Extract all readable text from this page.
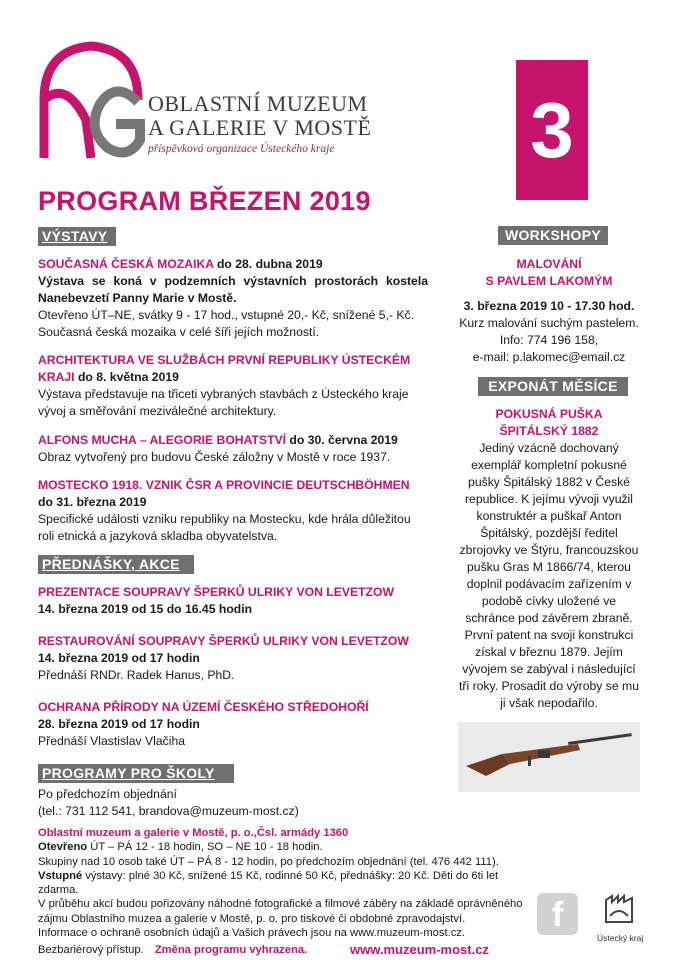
OBLASTNÍ MUZEUM
A GALERIE V MOSTĚ
příspěvková organizace Ústeckého kraje	3
PROGRAM BŘEZEN 2019
VÝSTAVY
SOUČASNÁ ČESKÁ MOZAIKA do 28. dubna 2019
Výstava se koná v podzemních výstavních prostorách kostela Nanebevzetí Panny Marie v Mostě.
Otevřeno ÚT–NE, svátky 9 - 17 hod., vstupné 20,- Kč, snížené 5,- Kč. Současná česká mozaika v celé šíři jejích možností.
ARCHITEKTURA VE SLUŽBÁCH PRVNÍ REPUBLIKY ÚSTECKÉM KRAJI do 8. května 2019
Výstava představuje na třiceti vybraných stavbách z Ústeckého kraje vývoj a směřování meziválečné architektury.
ALFONS MUCHA – ALEGORIE BOHATSTVÍ do 30. června 2019
Obraz vytvořený pro budovu České záložny v Mostě v roce 1937.
MOSTECKO 1918. VZNIK ČSR A PROVINCIE DEUTSCHBÖHMEN
do 31. března 2019
Specifické události vzniku republiky na Mostecku, kde hrála důležitou roli etnická a jazyková skladba obyvatelstva.
PŘEDNÁŠKY, AKCE
PREZENTACE SOUPRAVY ŠPERKŮ ULRIKY VON LEVETZOW
14. března 2019 od 15 do 16.45 hodin
RESTAUROVÁNÍ SOUPRAVY ŠPERKŮ ULRIKY VON LEVETZOW
14. března 2019 od 17 hodin
Přednáší RNDr. Radek Hanus, PhD.
OCHRANA PŘÍRODY NA ÚZEMÍ ČESKÉHO STŘEDOHOŘÍ
28. března 2019 od 17 hodin
Přednáší Vlastislav Vlačiha
PROGRAMY PRO ŠKOLY
Po předchozím objednání
(tel.: 731 112 541, brandova@muzeum-most.cz)
WORKSHOPY
MALOVÁNÍ
S PAVLEM LAKOMÝM
3. března 2019 10 - 17.30 hod.
Kurz malování suchým pastelem.
Info: 774 196 158,
e-mail: p.lakomec@email.cz
EXPONÁT MĚSÍCE
POKUSNÁ PUŠKA
ŠPITÁLSKÝ 1882
Jediný vzácně dochovaný exemplář kompletní pokusné pušky Špitálský 1882 v České republice. K jejímu vývoji využil konstruktér a puškař Anton Špitálský, pozdější ředitel zbrojovky ve Štýru, francouzskou pušku Gras M 1866/74, kterou doplnil podávacím zařízením v podobě cívky uložené ve schránce pod závěrem zbraně. První patent na svoji konstrukci získal v březnu 1879. Jejím vývojem se zabýval i následující tři roky. Prosadit do výroby se mu ji však nepodařilo.
Oblastní muzeum a galerie v Mostě, p. o.,Čsl. armády 1360
Otevřeno ÚT – PÁ 12 - 18 hodin, SO – NE 10 - 18 hodin.
Skupiny nad 10 osob také ÚT – PÁ 8 - 12 hodin, po předchozím objednání (tel. 476 442 111).
Vstupné výstavy: plné 30 Kč, snížené 15 Kč, rodinné 50 Kč, přednášky: 20 Kč. Děti do 6ti let zdarma.
V průběhu akcí budou pořizovány náhodné fotografické a filmové záběry na základě oprávněného zájmu Oblastního muzea a galerie v Mostě, p. o. pro tiskové či obdobné zpravodajství.
Informace o ochraně osobních údajů a Vašich právech jsou na www.muzeum-most.cz.
Bezbariérový přístup. Změna programu vyhrazena.	www.muzeum-most.cz
f
Ústecký kraj
